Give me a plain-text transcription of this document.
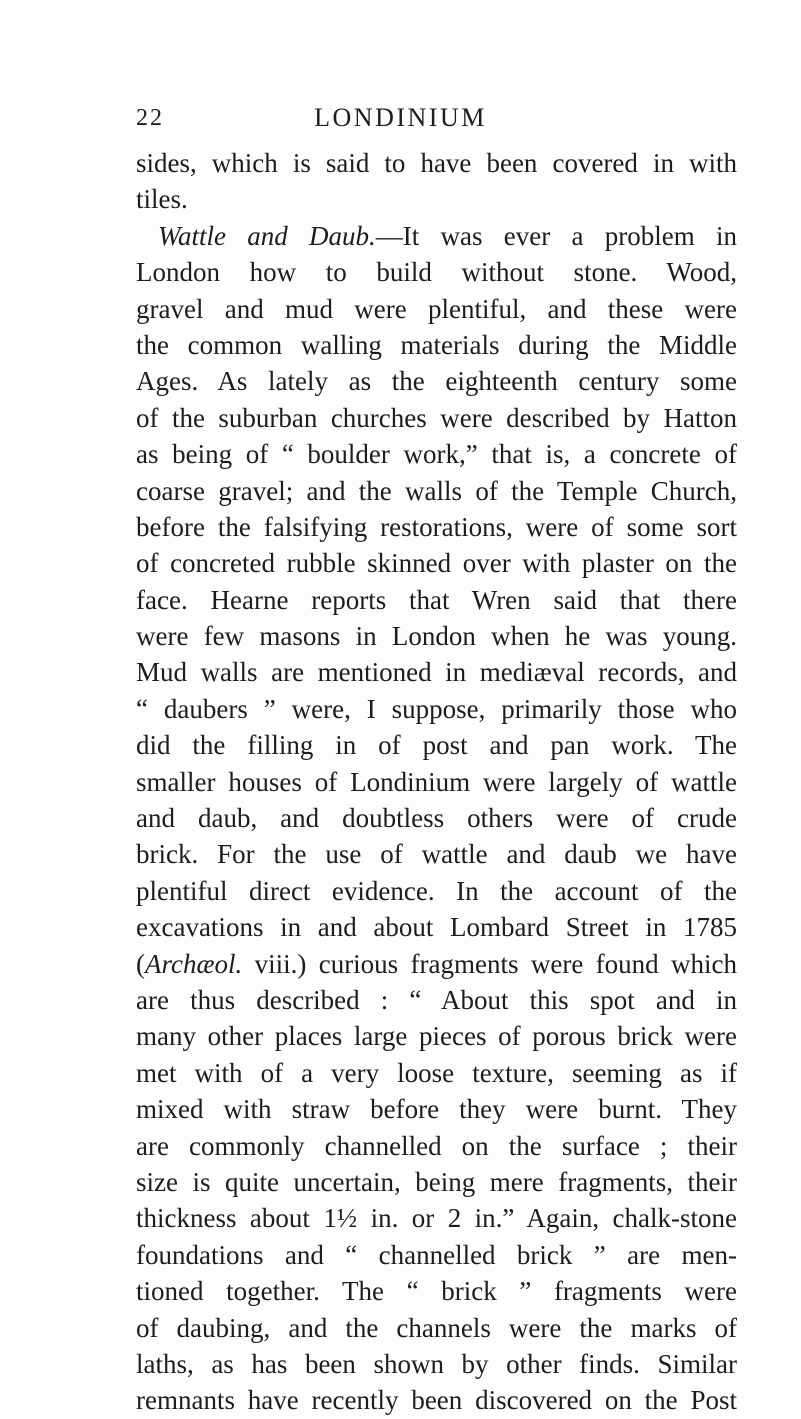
22	LONDINIUM
sides, which is said to have been covered in with
tiles.
Wattle and Daub.—It was ever a problem in
London how to build without stone. Wood,
gravel and mud were plentiful, and these were
the common walling materials during the Middle
Ages. As lately as the eighteenth century some
of the suburban churches were described by Hatton
as being of “ boulder work,” that is, a concrete of
coarse gravel; and the walls of the Temple Church,
before the falsifying restorations, were of some sort
of concreted rubble skinned over with plaster on the
face. Hearne reports that Wren said that there
were few masons in London when he was young.
Mud walls are mentioned in mediæval records, and
“ daubers ” were, I suppose, primarily those who
did the filling in of post and pan work. The
smaller houses of Londinium were largely of wattle
and daub, and doubtless others were of crude
brick. For the use of wattle and daub we have
plentiful direct evidence. In the account of the
excavations in and about Lombard Street in 1785
(Archæol. viii.) curious fragments were found which
are thus described : “ About this spot and in
many other places large pieces of porous brick were
met with of a very loose texture, seeming as if
mixed with straw before they were burnt. They
are commonly channelled on the surface ; their
size is quite uncertain, being mere fragments, their
thickness about 1½ in. or 2 in.” Again, chalk-stone
foundations and “ channelled brick ” are men-
tioned together. The “ brick ” fragments were
of daubing, and the channels were the marks of
laths, as has been shown by other finds. Similar
remnants have recently been discovered on the Post
